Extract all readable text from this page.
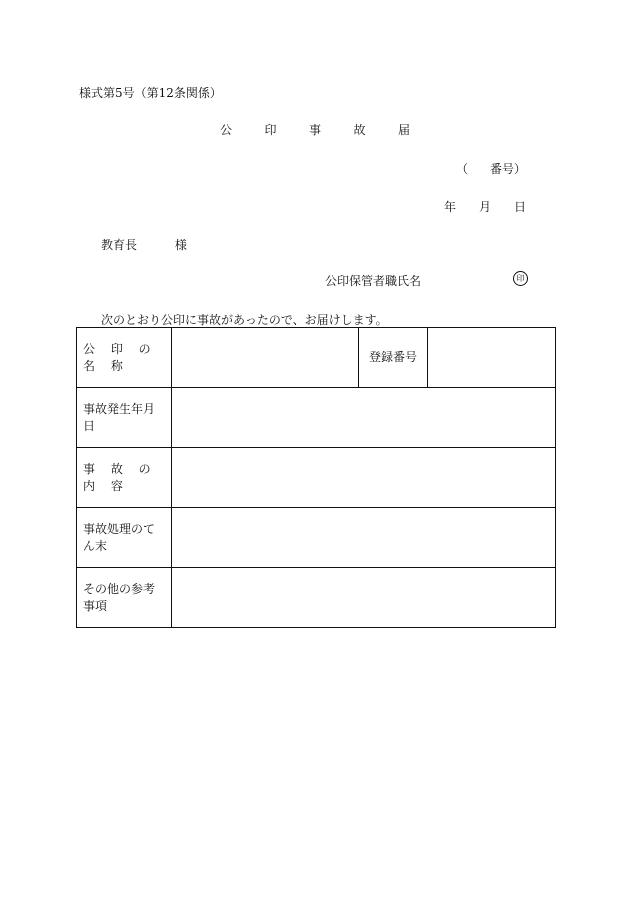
様式第5号（第12条関係）
公	印	事	故	届
（ 番号）
年 月 日
教育長	様
公印保管者職氏名	印
次のとおり公印に事故があったので、お届けします。
公 印 の 名 称		登録番号	
事故発生年月日			
事 故 の 内 容			
事故処理のてん末			
その他の参考事項			
